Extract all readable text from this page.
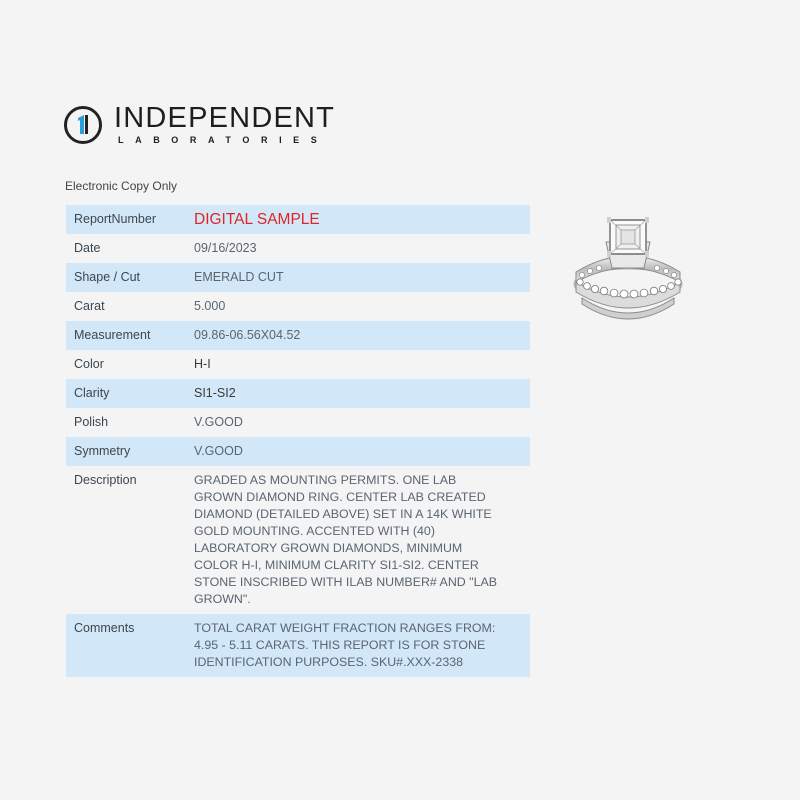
INDEPENDENT
LABORATORIES
Electronic Copy Only
ReportNumber	DIGITAL SAMPLE
Date	09/16/2023
Shape / Cut	EMERALD CUT
Carat	5.000
Measurement	09.86-06.56X04.52
Color	H-I
Clarity	SI1-SI2
Polish	V.GOOD
Symmetry	V.GOOD
Description	GRADED AS MOUNTING PERMITS. ONE LAB GROWN DIAMOND RING. CENTER LAB CREATED DIAMOND (DETAILED ABOVE) SET IN A 14K WHITE GOLD MOUNTING. ACCENTED WITH (40) LABORATORY GROWN DIAMONDS, MINIMUM COLOR H-I, MINIMUM CLARITY SI1-SI2. CENTER STONE INSCRIBED WITH ILAB NUMBER# AND "LAB GROWN".
Comments	TOTAL CARAT WEIGHT FRACTION RANGES FROM: 4.95 - 5.11 CARATS. THIS REPORT IS FOR STONE IDENTIFICATION PURPOSES. SKU#.XXX-2338
